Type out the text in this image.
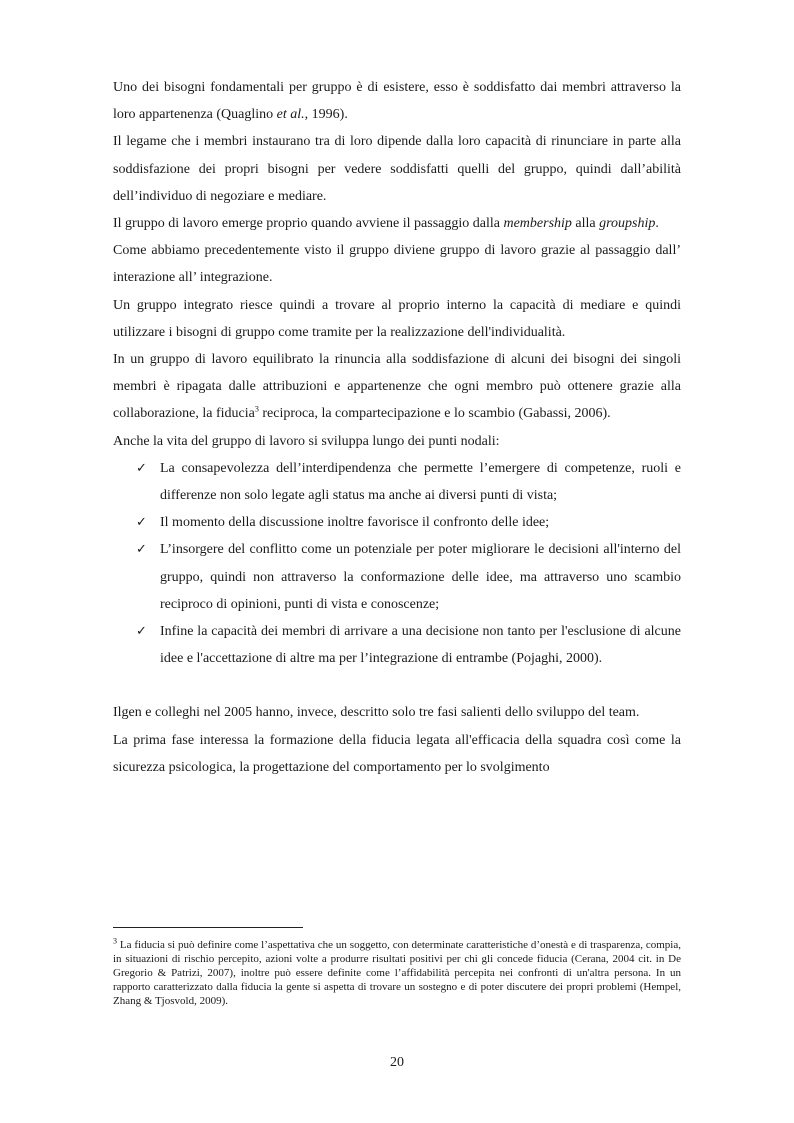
Uno dei bisogni fondamentali per gruppo è di esistere, esso è soddisfatto dai membri attraverso la loro appartenenza (Quaglino et al., 1996).

Il legame che i membri instaurano tra di loro dipende dalla loro capacità di rinunciare in parte alla soddisfazione dei propri bisogni per vedere soddisfatti quelli del gruppo, quindi dall’abilità dell’individuo di negoziare e mediare.

Il gruppo di lavoro emerge proprio quando avviene il passaggio dalla membership alla groupship.

Come abbiamo precedentemente visto il gruppo diviene gruppo di lavoro grazie al passaggio dall’ interazione all’ integrazione.

Un gruppo integrato riesce quindi a trovare al proprio interno la capacità di mediare e quindi utilizzare i bisogni di gruppo come tramite per la realizzazione dell'individualità.

In un gruppo di lavoro equilibrato la rinuncia alla soddisfazione di alcuni dei bisogni dei singoli membri è ripagata dalle attribuzioni e appartenenze che ogni membro può ottenere grazie alla collaborazione, la fiducia$^3$ reciproca, la compartecipazione e lo scambio (Gabassi, 2006).

Anche la vita del gruppo di lavoro si sviluppa lungo dei punti nodali:

✓ La consapevolezza dell’interdipendenza che permette l’emergere di competenze, ruoli e differenze non solo legate agli status ma anche ai diversi punti di vista;
✓ Il momento della discussione inoltre favorisce il confronto delle idee;
✓ L’insorgere del conflitto come un potenziale per poter migliorare le decisioni all'interno del gruppo, quindi non attraverso la conformazione delle idee, ma attraverso uno scambio reciproco di opinioni, punti di vista e conoscenze;
✓ Infine la capacità dei membri di arrivare a una decisione non tanto per l'esclusione di alcune idee e l'accettazione di altre ma per l’integrazione di entrambe (Pojaghi, 2000).

Ilgen e colleghi nel 2005 hanno, invece, descritto solo tre fasi salienti dello sviluppo del team.

La prima fase interessa la formazione della fiducia legata all'efficacia della squadra così come la sicurezza psicologica, la progettazione del comportamento per lo svolgimento

$^3$ La fiducia si può definire come l’aspettativa che un soggetto, con determinate caratteristiche d’onestà e di trasparenza, compia, in situazioni di rischio percepito, azioni volte a produrre risultati positivi per chi gli concede fiducia (Cerana, 2004 cit. in De Gregorio & Patrizi, 2007), inoltre può essere definite come l’affidabilità percepita nei confronti di un'altra persona. In un rapporto caratterizzato dalla fiducia la gente si aspetta di trovare un sostegno e di poter discutere dei propri problemi (Hempel, Zhang & Tjosvold, 2009).

20
